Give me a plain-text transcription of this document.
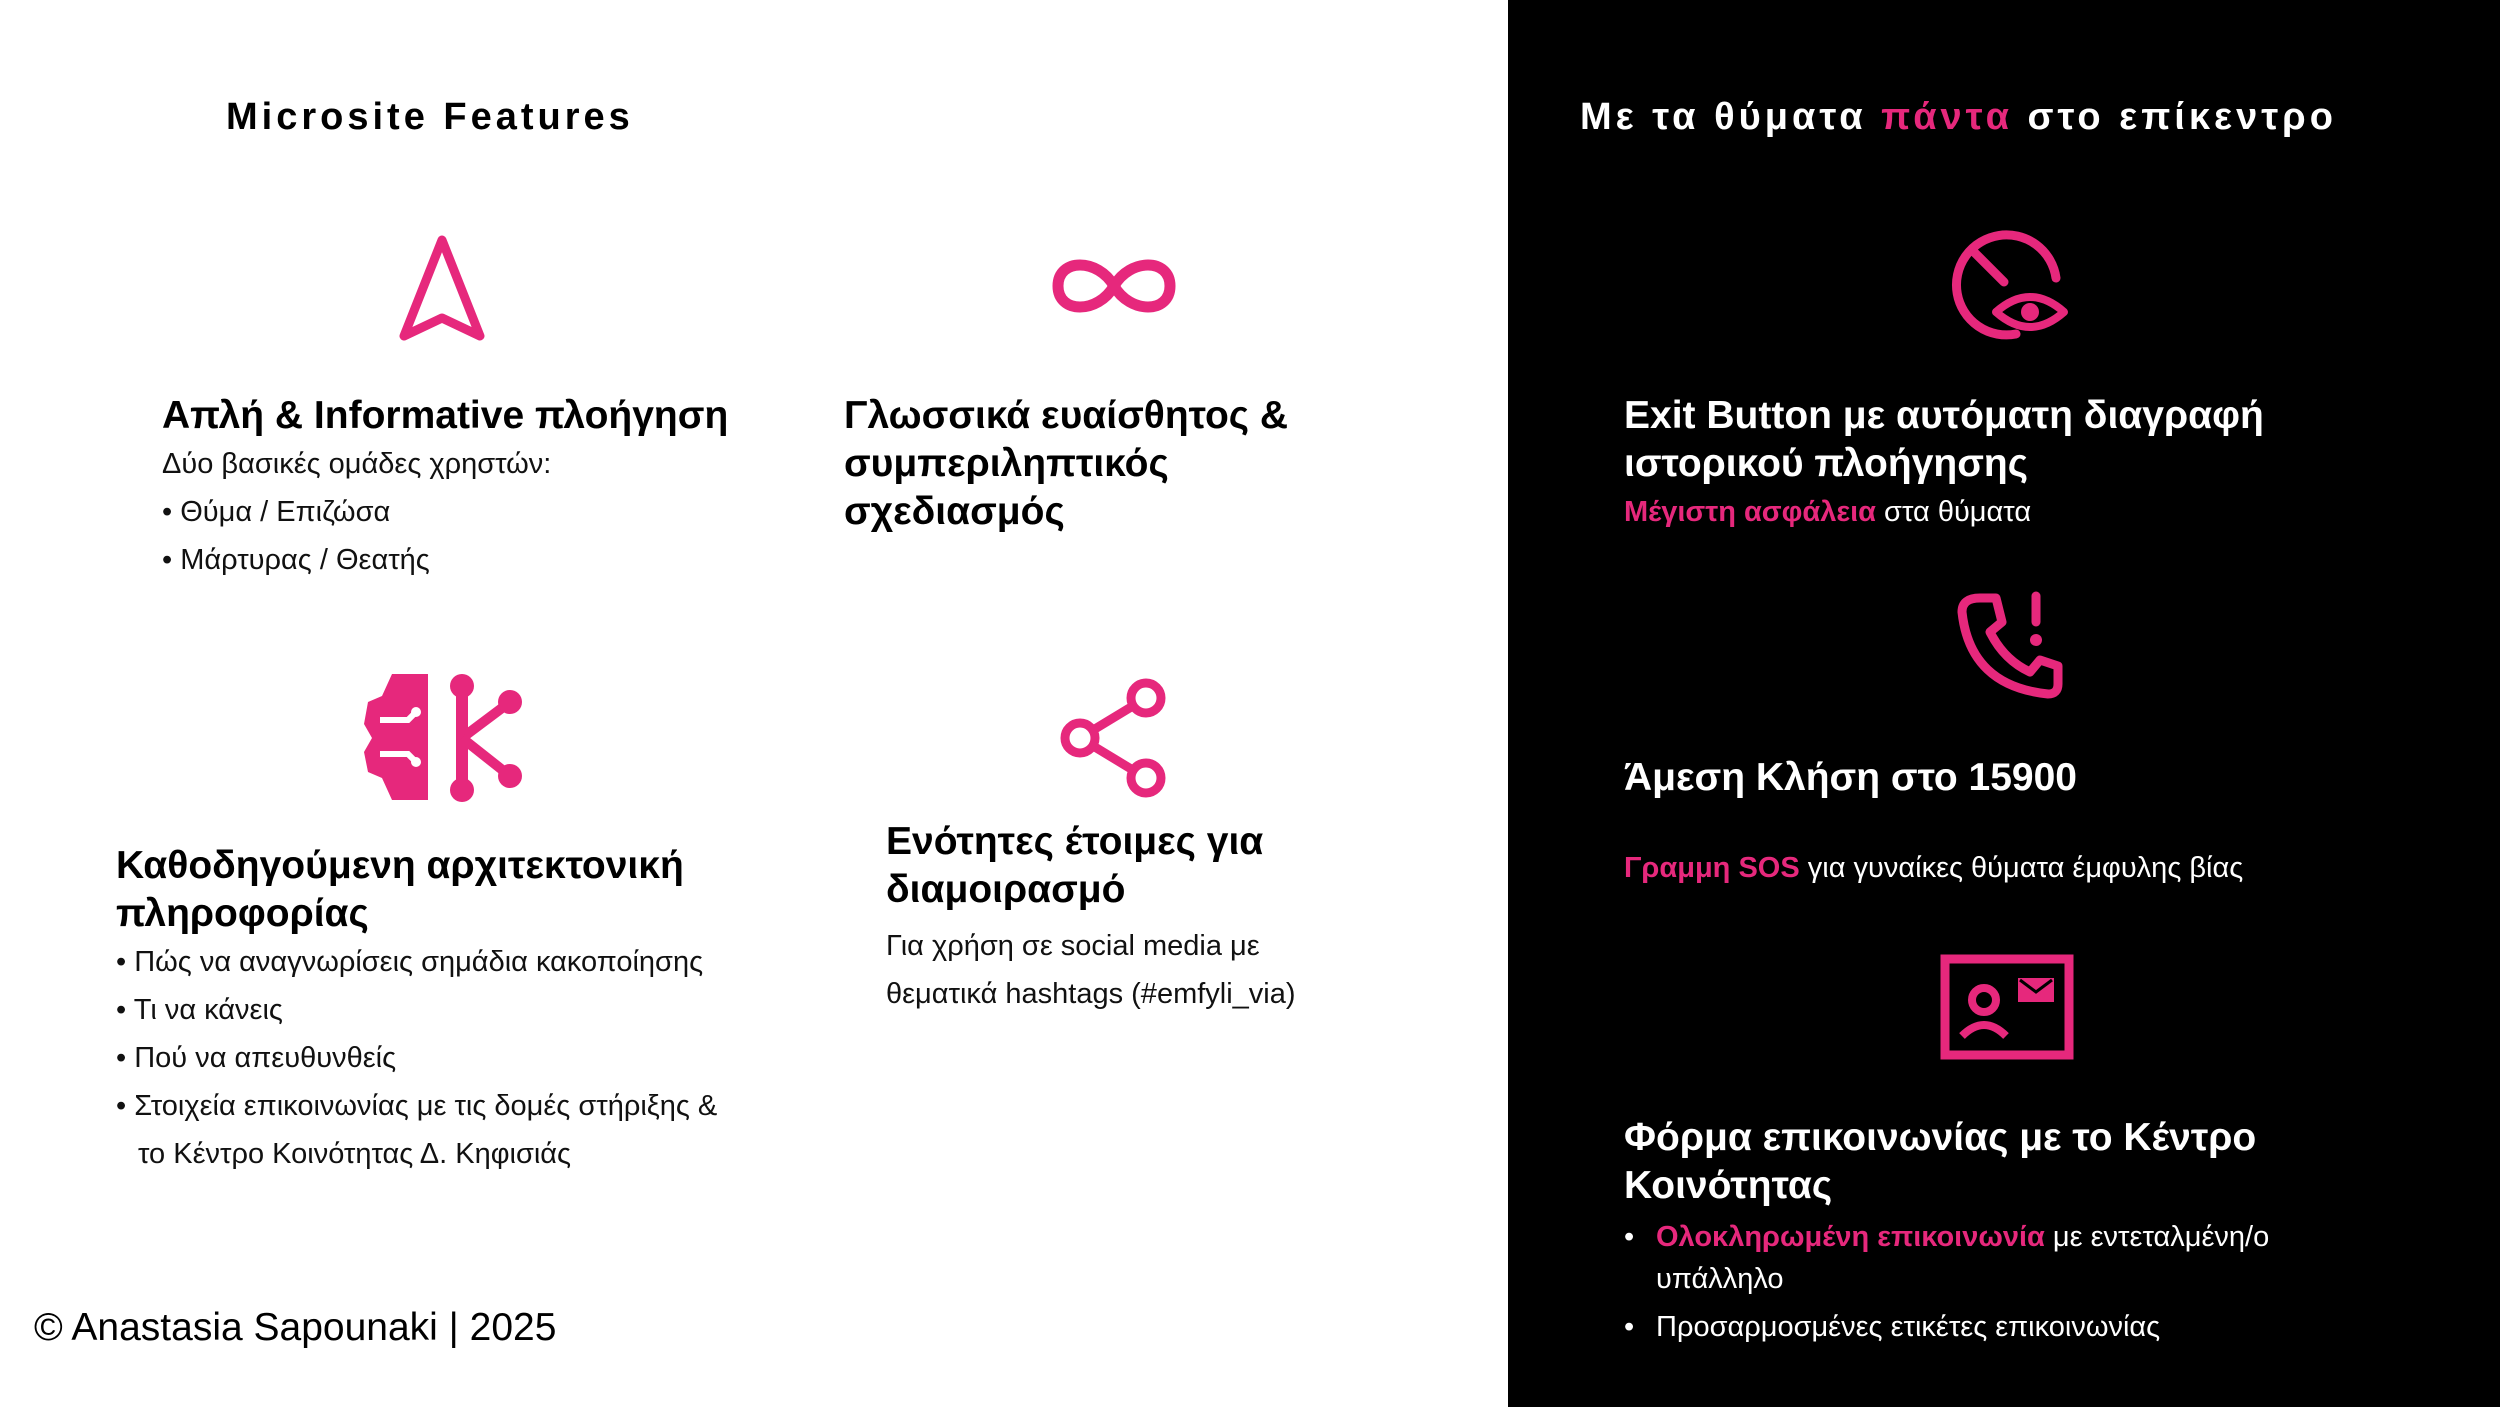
Microsite Features	Με τα θύματα πάντα στο επίκεντρο
Απλή & Informative πλοήγηση
Δύο βασικές ομάδες χρηστών:
• Θύμα / Επιζώσα
• Μάρτυρας / Θεατής
Γλωσσικά ευαίσθητος &
συμπεριληπτικός
σχεδιασμός
Καθοδηγούμενη αρχιτεκτονική
πληροφορίας
• Πώς να αναγνωρίσεις σημάδια κακοποίησης
• Τι να κάνεις
• Πού να απευθυνθείς
• Στοιχεία επικοινωνίας με τις δομές στήριξης &
το Κέντρο Κοινότητας Δ. Κηφισιάς
Ενότητες έτοιμες για
διαμοιρασμό
Για χρήση σε social media με
θεματικά hashtags (#emfyli_via)
Exit Button με αυτόματη διαγραφή
ιστορικού πλοήγησης
Μέγιστη ασφάλεια στα θύματα
Άμεση Κλήση στο 15900
Γραμμη SOS για γυναίκες θύματα έμφυλης βίας
Φόρμα επικοινωνίας με το Κέντρο
Κοινότητας
• Ολοκληρωμένη επικοινωνία με εντεταλμένη/ο
υπάλληλο
• Προσαρμοσμένες ετικέτες επικοινωνίας
© Anastasia Sapounaki | 2025
